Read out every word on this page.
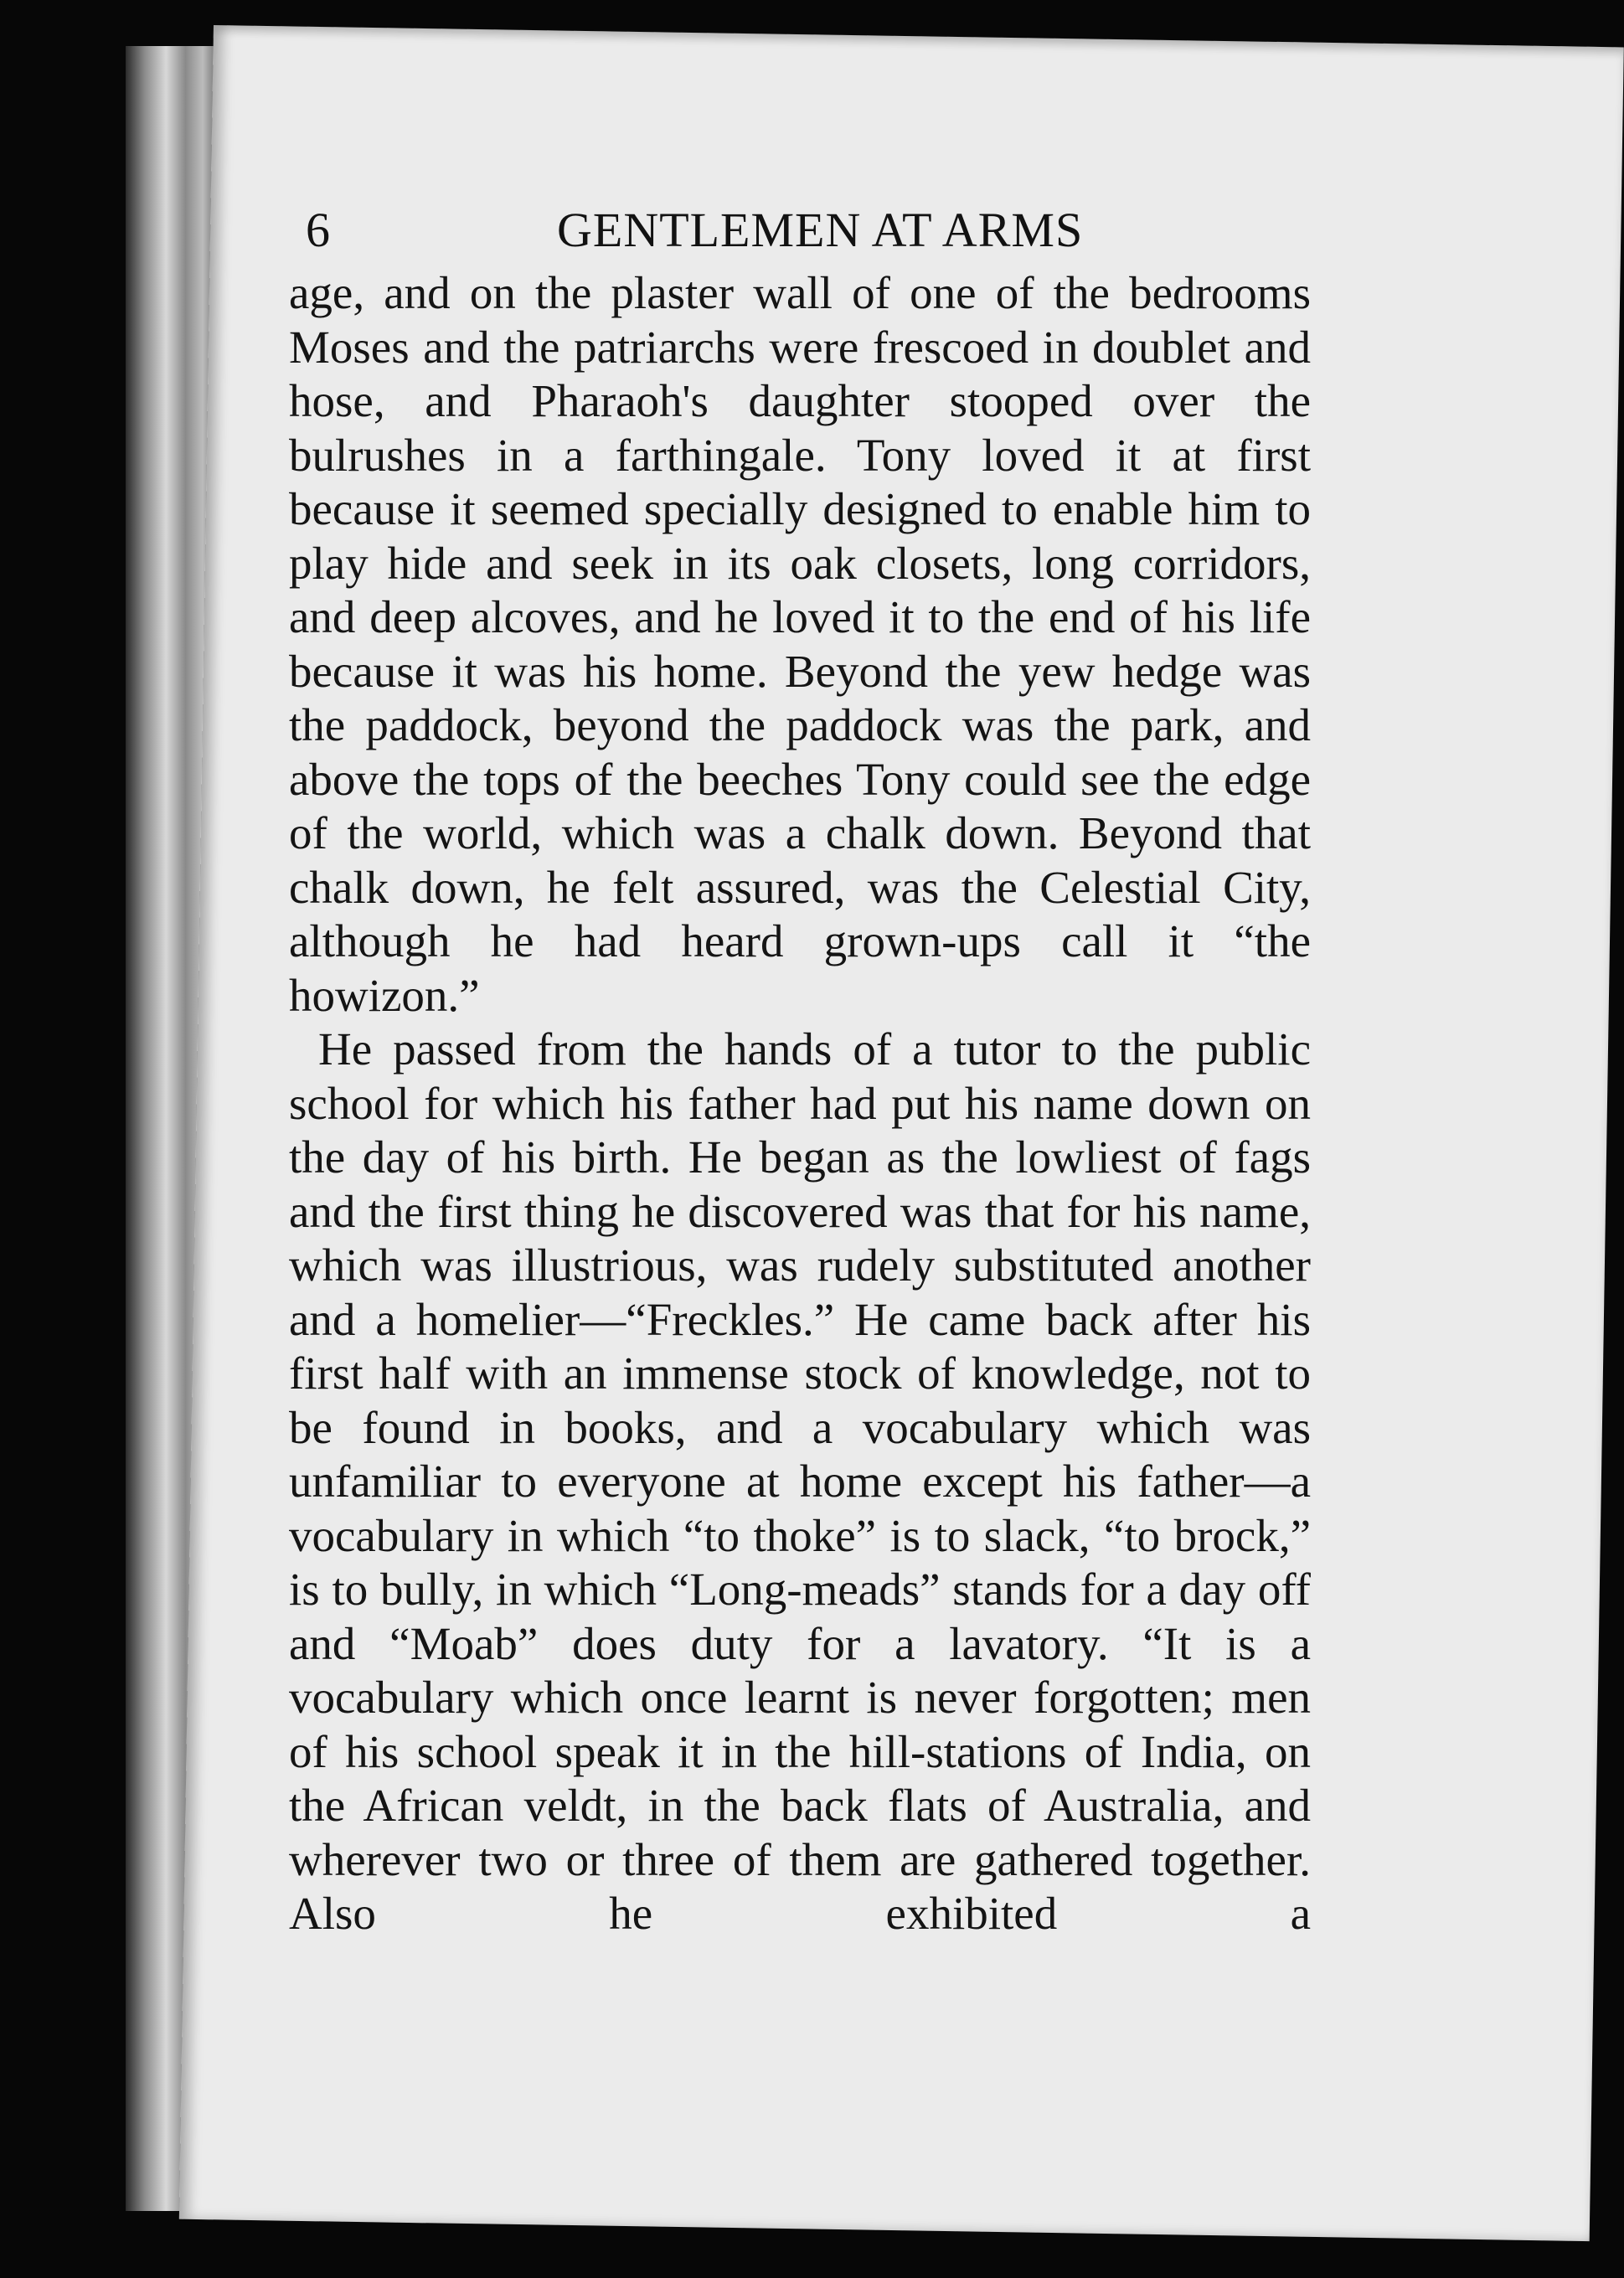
6	GENTLEMEN AT ARMS

age, and on the plaster wall of one of the bedrooms Moses and the patriarchs were frescoed in doublet and hose, and Pharaoh's daughter stooped over the bulrushes in a farthingale. Tony loved it at first because it seemed specially designed to enable him to play hide and seek in its oak closets, long corridors, and deep alcoves, and he loved it to the end of his life because it was his home. Beyond the yew hedge was the paddock, beyond the paddock was the park, and above the tops of the beeches Tony could see the edge of the world, which was a chalk down. Beyond that chalk down, he felt assured, was the Celestial City, although he had heard grown-ups call it “the howizon.”

He passed from the hands of a tutor to the public school for which his father had put his name down on the day of his birth. He began as the lowliest of fags and the first thing he discovered was that for his name, which was illustrious, was rudely substituted another and a homelier—“Freckles.” He came back after his first half with an immense stock of knowledge, not to be found in books, and a vocabulary which was unfamiliar to everyone at home except his father—a vocabulary in which “to thoke” is to slack, “to brock,” is to bully, in which “Long-meads” stands for a day off and “Moab” does duty for a lavatory. “It is a vocabulary which once learnt is never forgotten; men of his school speak it in the hill-stations of India, on the African veldt, in the back flats of Australia, and wherever two or three of them are gathered together. Also he exhibited a
